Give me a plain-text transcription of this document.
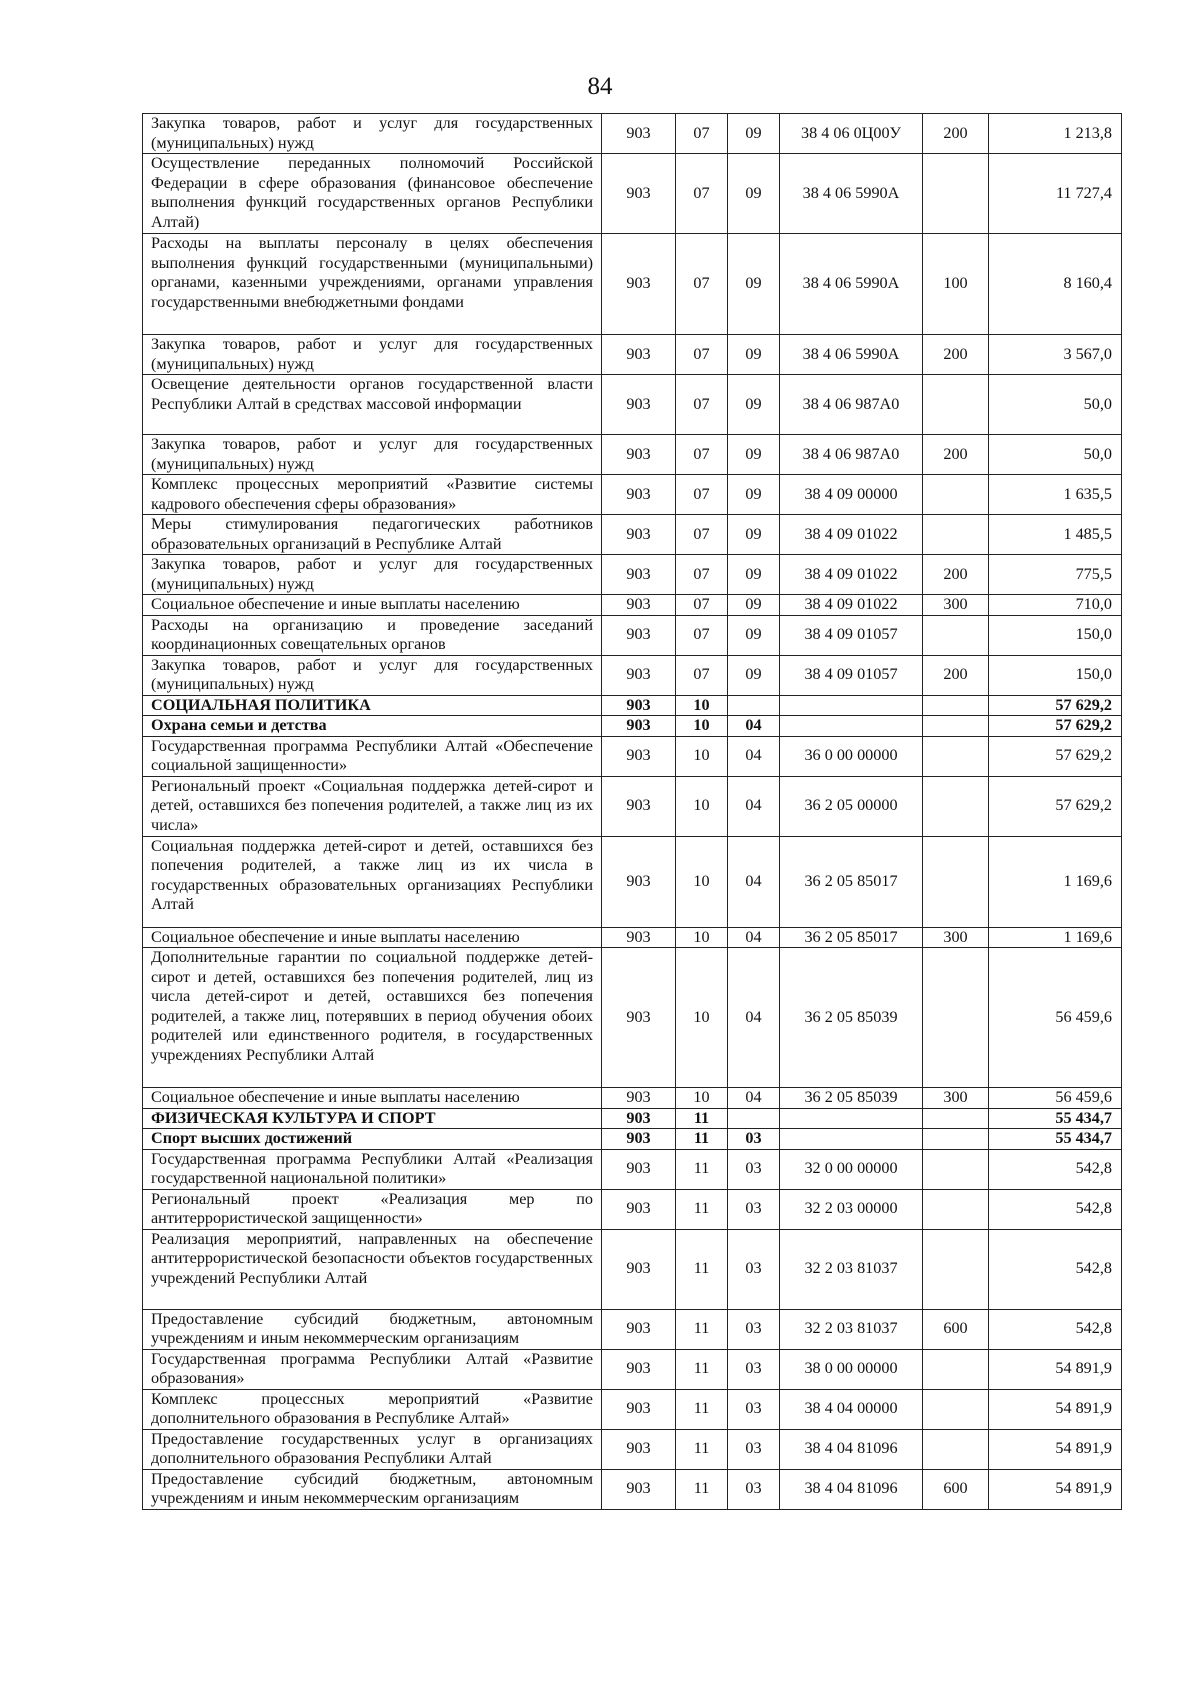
84
Закупка товаров, работ и услуг для государственных (муниципальных) нужд	903	07	09	38 4 06 0Ц00У	200	1 213,8
Осуществление переданных полномочий Российской Федерации в сфере образования (финансовое обеспечение выполнения функций государственных органов Республики Алтай)	903	07	09	38 4 06 5990А		11 727,4
Расходы на выплаты персоналу в целях обеспечения выполнения функций государственными (муниципальными) органами, казенными учреждениями, органами управления государственными внебюджетными фондами	903	07	09	38 4 06 5990А	100	8 160,4
Закупка товаров, работ и услуг для государственных (муниципальных) нужд	903	07	09	38 4 06 5990А	200	3 567,0
Освещение деятельности органов государственной власти Республики Алтай в средствах массовой информации	903	07	09	38 4 06 987А0		50,0
Закупка товаров, работ и услуг для государственных (муниципальных) нужд	903	07	09	38 4 06 987А0	200	50,0
Комплекс процессных мероприятий «Развитие системы кадрового обеспечения сферы образования»	903	07	09	38 4 09 00000		1 635,5
Меры стимулирования педагогических работников образовательных организаций в Республике Алтай	903	07	09	38 4 09 01022		1 485,5
Закупка товаров, работ и услуг для государственных (муниципальных) нужд	903	07	09	38 4 09 01022	200	775,5
Социальное обеспечение и иные выплаты населению	903	07	09	38 4 09 01022	300	710,0
Расходы на организацию и проведение заседаний координационных совещательных органов	903	07	09	38 4 09 01057		150,0
Закупка товаров, работ и услуг для государственных (муниципальных) нужд	903	07	09	38 4 09 01057	200	150,0
СОЦИАЛЬНАЯ ПОЛИТИКА	903	10				57 629,2
Охрана семьи и детства	903	10	04			57 629,2
Государственная программа Республики Алтай «Обеспечение социальной защищенности»	903	10	04	36 0 00 00000		57 629,2
Региональный проект «Социальная поддержка детей-сирот и детей, оставшихся без попечения родителей, а также лиц из их числа»	903	10	04	36 2 05 00000		57 629,2
Социальная поддержка детей-сирот и детей, оставшихся без попечения родителей, а также лиц из их числа в государственных образовательных организациях Республики Алтай	903	10	04	36 2 05 85017		1 169,6
Социальное обеспечение и иные выплаты населению	903	10	04	36 2 05 85017	300	1 169,6
Дополнительные гарантии по социальной поддержке детей-сирот и детей, оставшихся без попечения родителей, лиц из числа детей-сирот и детей, оставшихся без попечения родителей, а также лиц, потерявших в период обучения обоих родителей или единственного родителя, в государственных учреждениях Республики Алтай	903	10	04	36 2 05 85039		56 459,6
Социальное обеспечение и иные выплаты населению	903	10	04	36 2 05 85039	300	56 459,6
ФИЗИЧЕСКАЯ КУЛЬТУРА И СПОРТ	903	11				55 434,7
Спорт высших достижений	903	11	03			55 434,7
Государственная программа Республики Алтай «Реализация государственной национальной политики»	903	11	03	32 0 00 00000		542,8
Региональный проект «Реализация мер по антитеррористической защищенности»	903	11	03	32 2 03 00000		542,8
Реализация мероприятий, направленных на обеспечение антитеррористической безопасности объектов государственных учреждений Республики Алтай	903	11	03	32 2 03 81037		542,8
Предоставление субсидий бюджетным, автономным учреждениям и иным некоммерческим организациям	903	11	03	32 2 03 81037	600	542,8
Государственная программа Республики Алтай «Развитие образования»	903	11	03	38 0 00 00000		54 891,9
Комплекс процессных мероприятий «Развитие дополнительного образования в Республике Алтай»	903	11	03	38 4 04 00000		54 891,9
Предоставление государственных услуг в организациях дополнительного образования Республики Алтай	903	11	03	38 4 04 81096		54 891,9
Предоставление субсидий бюджетным, автономным учреждениям и иным некоммерческим организациям	903	11	03	38 4 04 81096	600	54 891,9
